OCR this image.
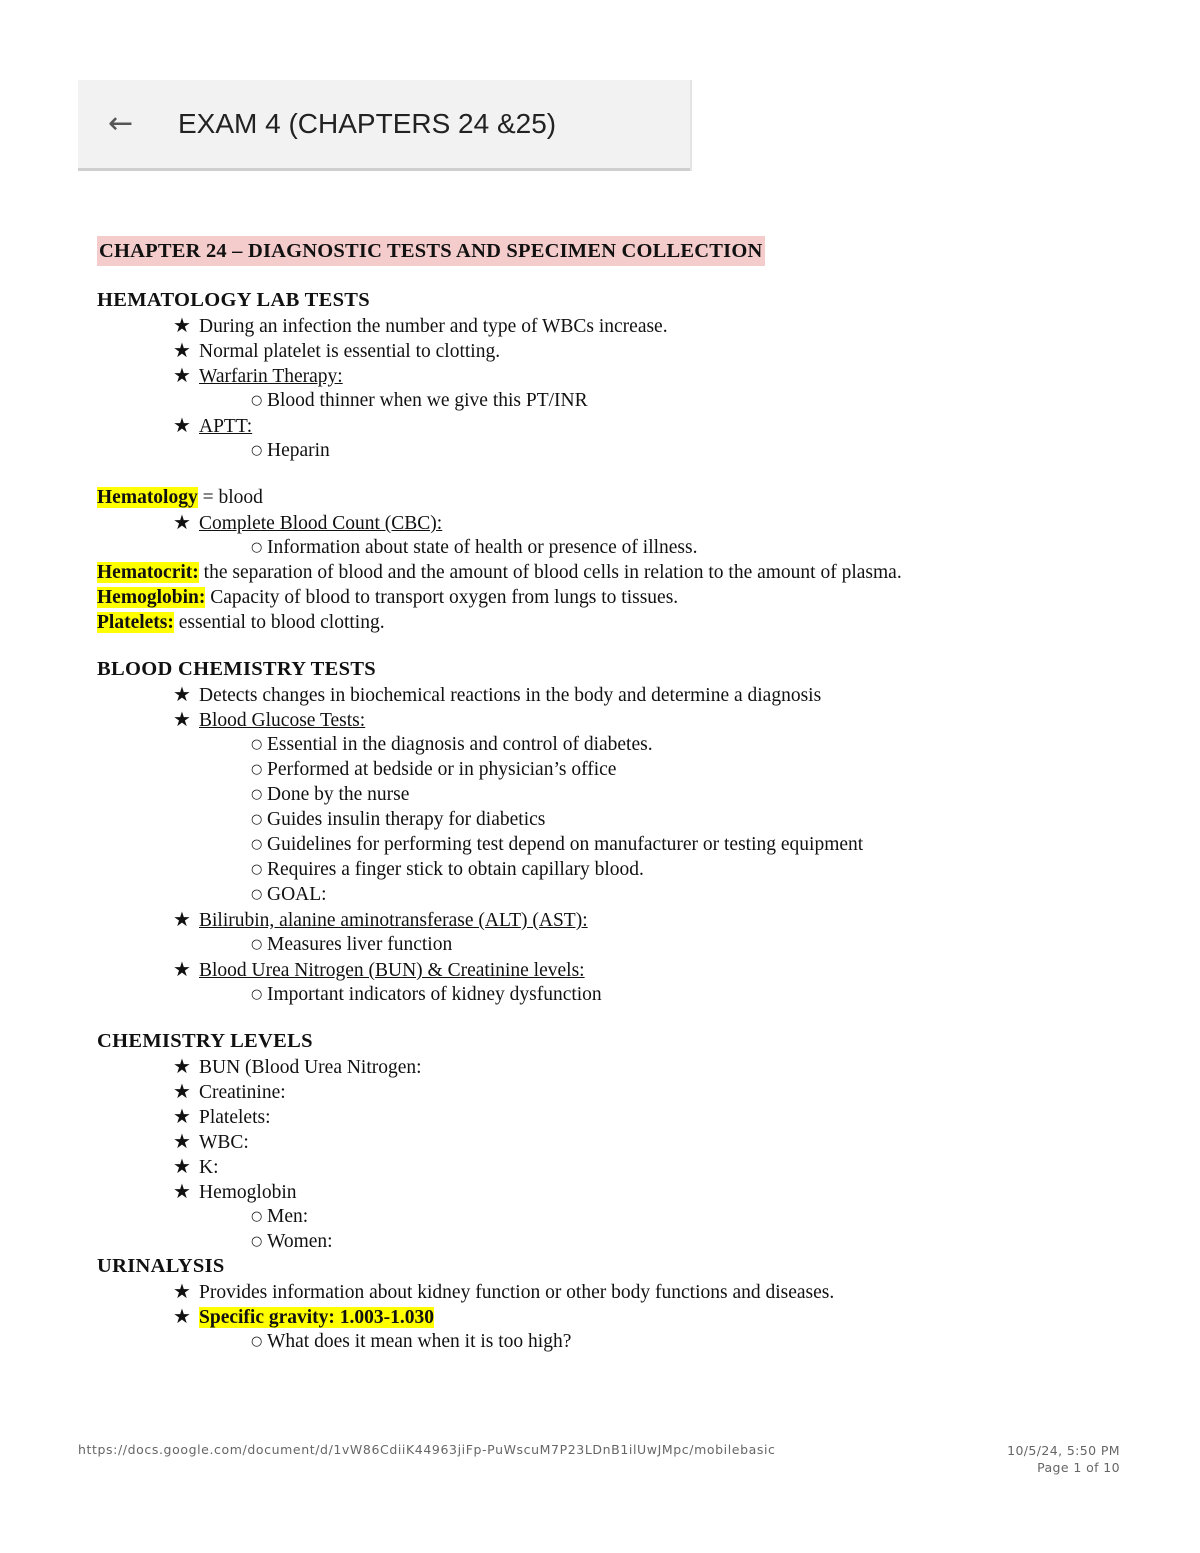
← EXAM 4 (CHAPTERS 24 &25)
CHAPTER 24 – DIAGNOSTIC TESTS AND SPECIMEN COLLECTION
HEMATOLOGY LAB TESTS
★ During an infection the number and type of WBCs increase.
★ Normal platelet is essential to clotting.
★ Warfarin Therapy:
○ Blood thinner when we give this PT/INR
★ APTT:
○ Heparin
Hematology = blood
★ Complete Blood Count (CBC):
○ Information about state of health or presence of illness.
Hematocrit: the separation of blood and the amount of blood cells in relation to the amount of plasma.
Hemoglobin: Capacity of blood to transport oxygen from lungs to tissues.
Platelets: essential to blood clotting.
BLOOD CHEMISTRY TESTS
★ Detects changes in biochemical reactions in the body and determine a diagnosis
★ Blood Glucose Tests:
○ Essential in the diagnosis and control of diabetes.
○ Performed at bedside or in physician’s office
○ Done by the nurse
○ Guides insulin therapy for diabetics
○ Guidelines for performing test depend on manufacturer or testing equipment
○ Requires a finger stick to obtain capillary blood.
○ GOAL:
★ Bilirubin, alanine aminotransferase (ALT) (AST):
○ Measures liver function
★ Blood Urea Nitrogen (BUN) & Creatinine levels:
○ Important indicators of kidney dysfunction
CHEMISTRY LEVELS
★ BUN (Blood Urea Nitrogen:
★ Creatinine:
★ Platelets:
★ WBC:
★ K:
★ Hemoglobin
○ Men:
○ Women:
URINALYSIS
★ Provides information about kidney function or other body functions and diseases.
★ Specific gravity: 1.003-1.030
○ What does it mean when it is too high?
https://docs.google.com/document/d/1vW86CdiiK44963jiFp-PuWscuM7P23LDnB1ilUwJMpc/mobilebasic	10/5/24, 5:50 PM
Page 1 of 10
